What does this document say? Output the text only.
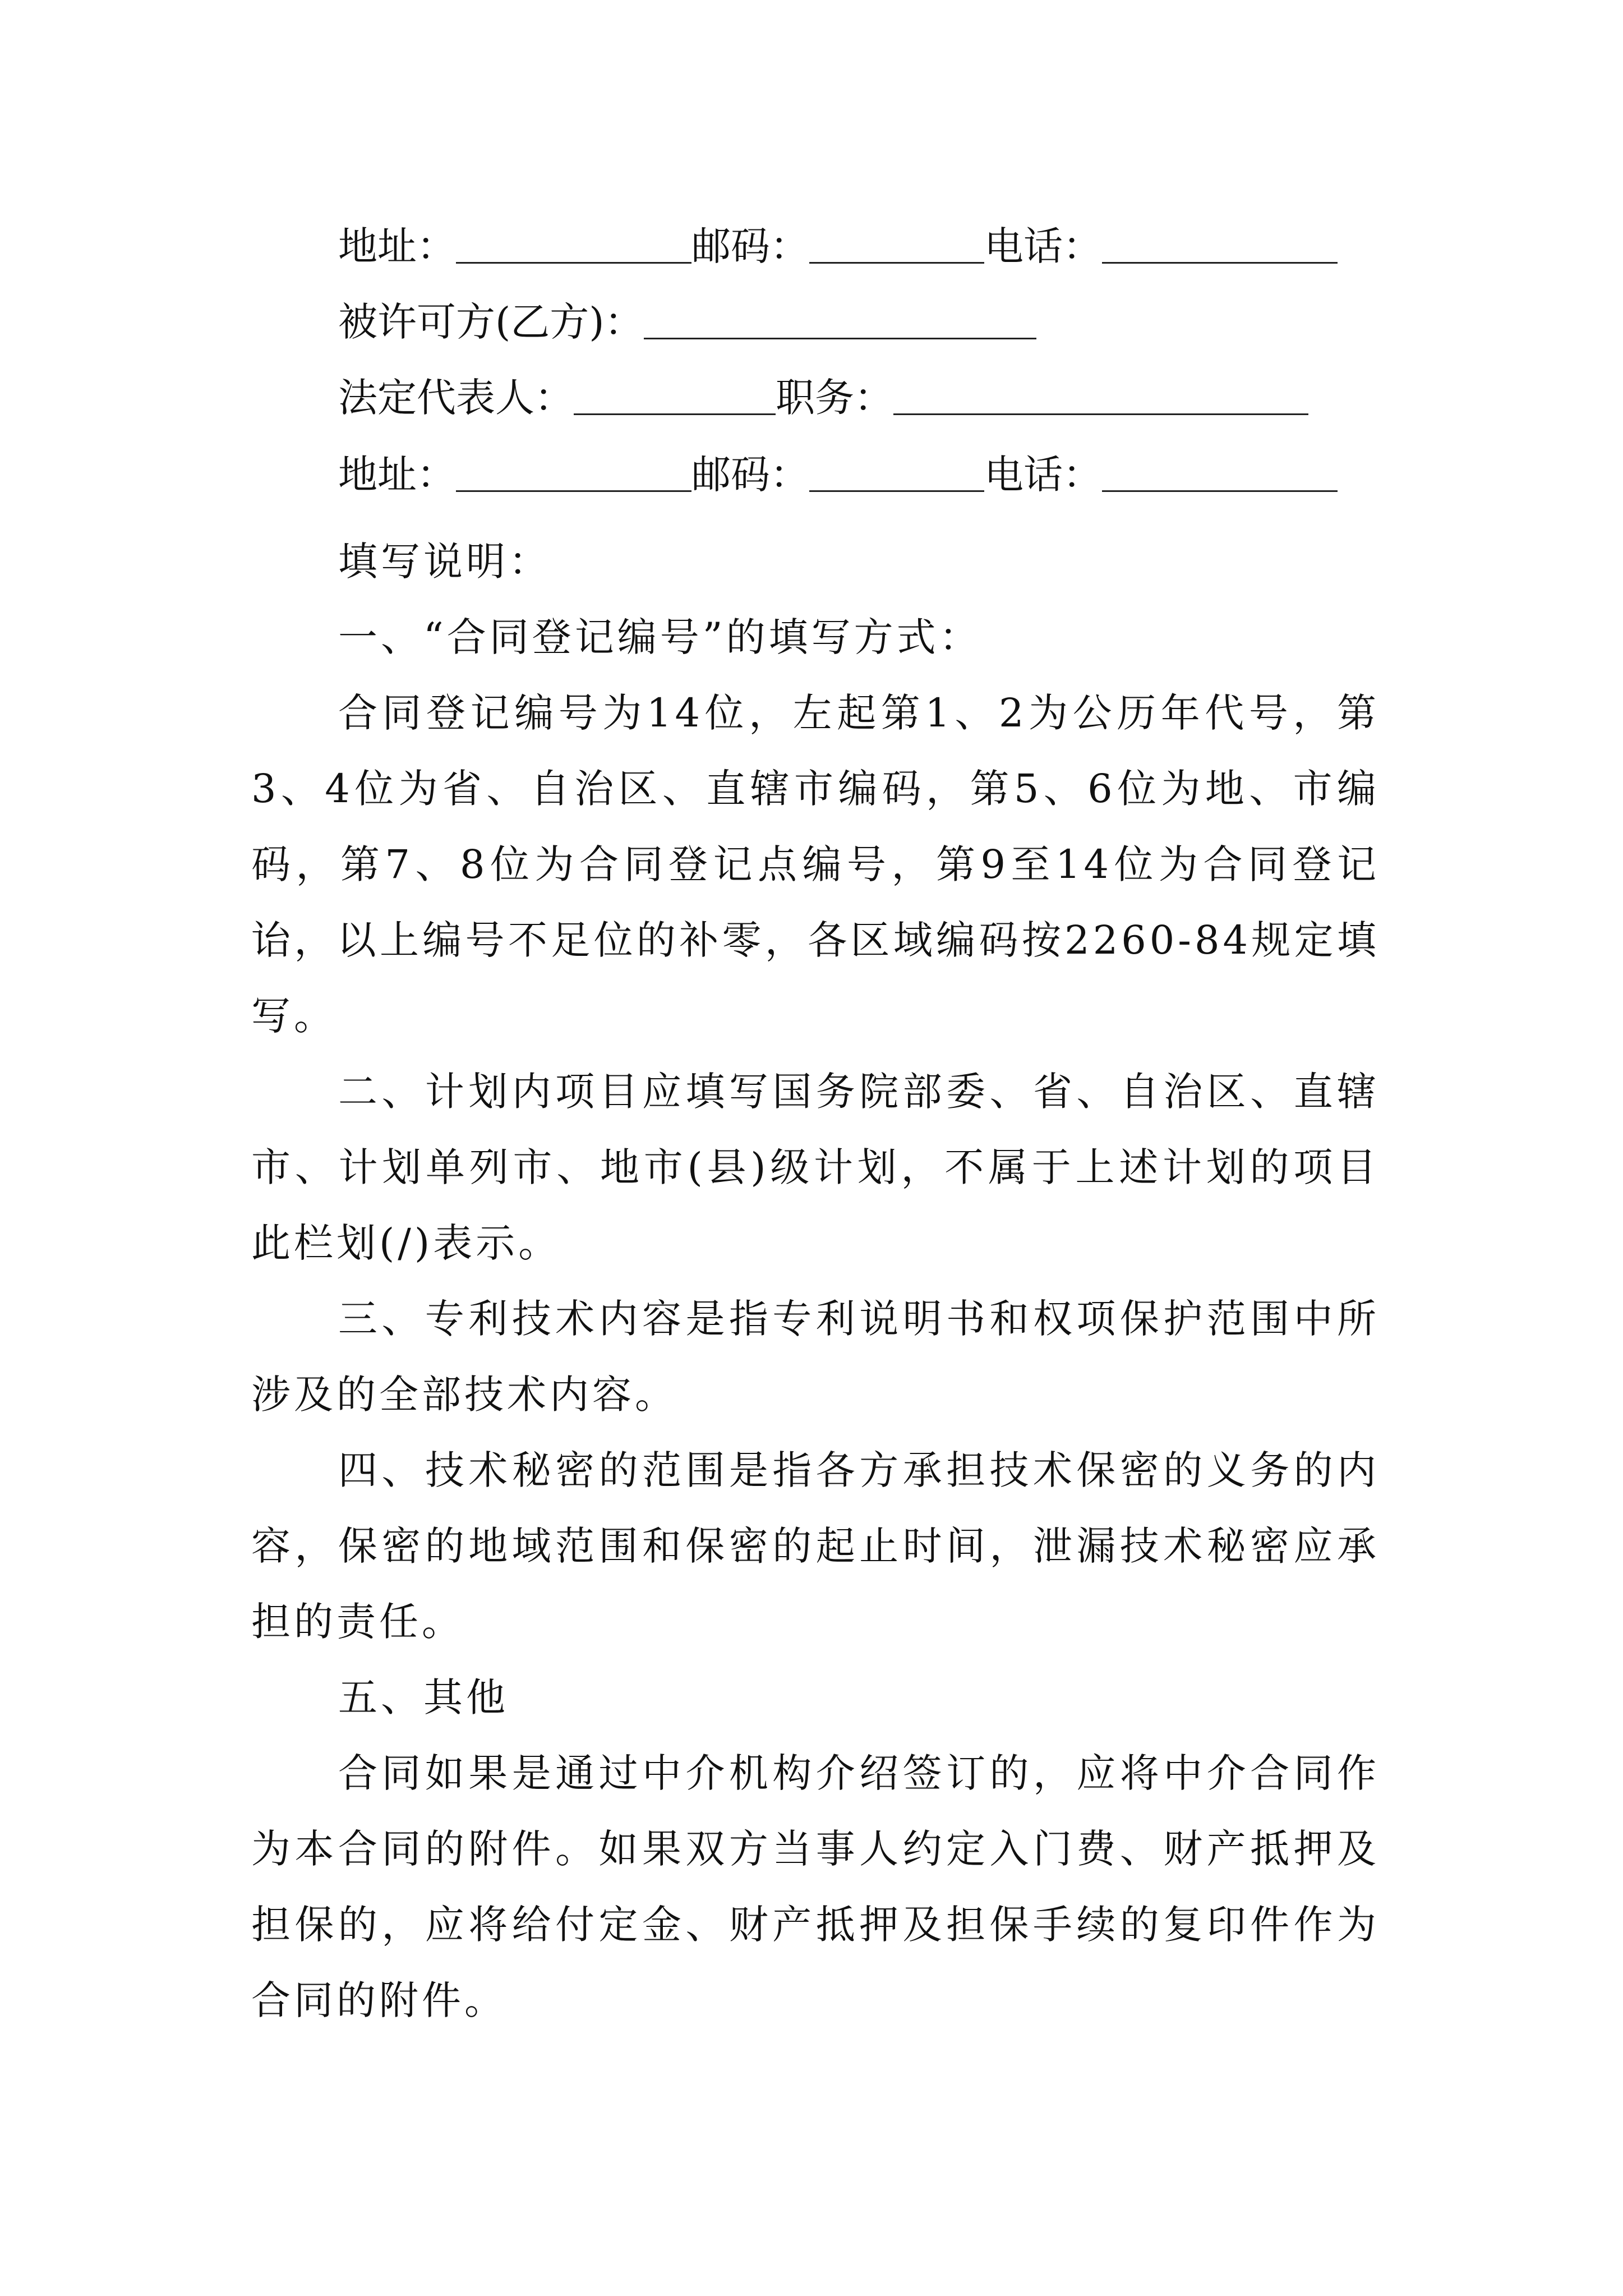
地址：	邮码：	电话：
被许可方(乙方)：
法定代表人：	职务：
地址：	邮码：	电话：
填写说明：
一、“合同登记编号”的填写方式：
合同登记编号为14位，左起第1、2为公历年代号，第
3、4位为省、自治区、直辖市编码，第5、6位为地、市编
码，第7、8位为合同登记点编号，第9至14位为合同登记
诒，以上编号不足位的补零，各区域编码按2260-84规定填
写。
二、计划内项目应填写国务院部委、省、自治区、直辖
市、计划单列市、地市(县)级计划，不属于上述计划的项目
此栏划(/)表示。
三、专利技术内容是指专利说明书和权项保护范围中所
涉及的全部技术内容。
四、技术秘密的范围是指各方承担技术保密的义务的内
容，保密的地域范围和保密的起止时间，泄漏技术秘密应承
担的责任。
五、其他
合同如果是通过中介机构介绍签订的，应将中介合同作
为本合同的附件。如果双方当事人约定入门费、财产抵押及
担保的，应将给付定金、财产抵押及担保手续的复印件作为
合同的附件。
